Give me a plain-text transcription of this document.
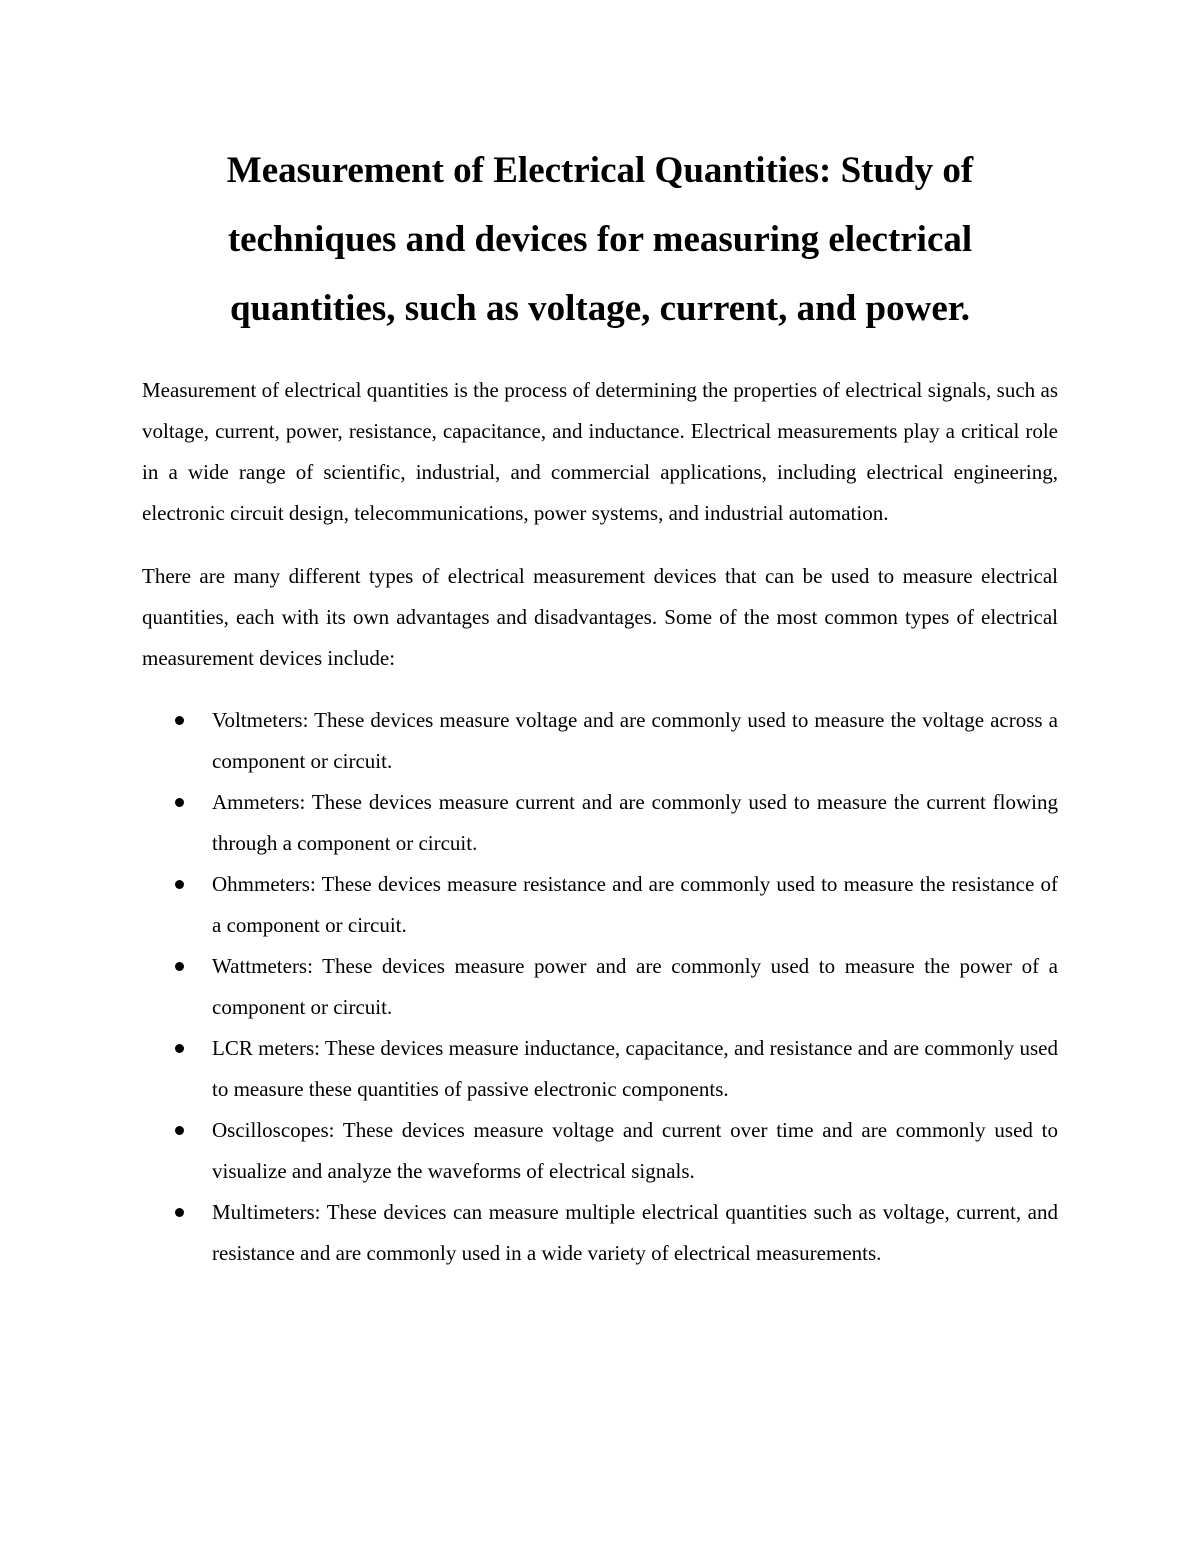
Measurement of Electrical Quantities: Study of techniques and devices for measuring electrical quantities, such as voltage, current, and power.

Measurement of electrical quantities is the process of determining the properties of electrical signals, such as voltage, current, power, resistance, capacitance, and inductance. Electrical measurements play a critical role in a wide range of scientific, industrial, and commercial applications, including electrical engineering, electronic circuit design, telecommunications, power systems, and industrial automation.

There are many different types of electrical measurement devices that can be used to measure electrical quantities, each with its own advantages and disadvantages. Some of the most common types of electrical measurement devices include:

Voltmeters: These devices measure voltage and are commonly used to measure the voltage across a component or circuit.
Ammeters: These devices measure current and are commonly used to measure the current flowing through a component or circuit.
Ohmmeters: These devices measure resistance and are commonly used to measure the resistance of a component or circuit.
Wattmeters: These devices measure power and are commonly used to measure the power of a component or circuit.
LCR meters: These devices measure inductance, capacitance, and resistance and are commonly used to measure these quantities of passive electronic components.
Oscilloscopes: These devices measure voltage and current over time and are commonly used to visualize and analyze the waveforms of electrical signals.
Multimeters: These devices can measure multiple electrical quantities such as voltage, current, and resistance and are commonly used in a wide variety of electrical measurements.
